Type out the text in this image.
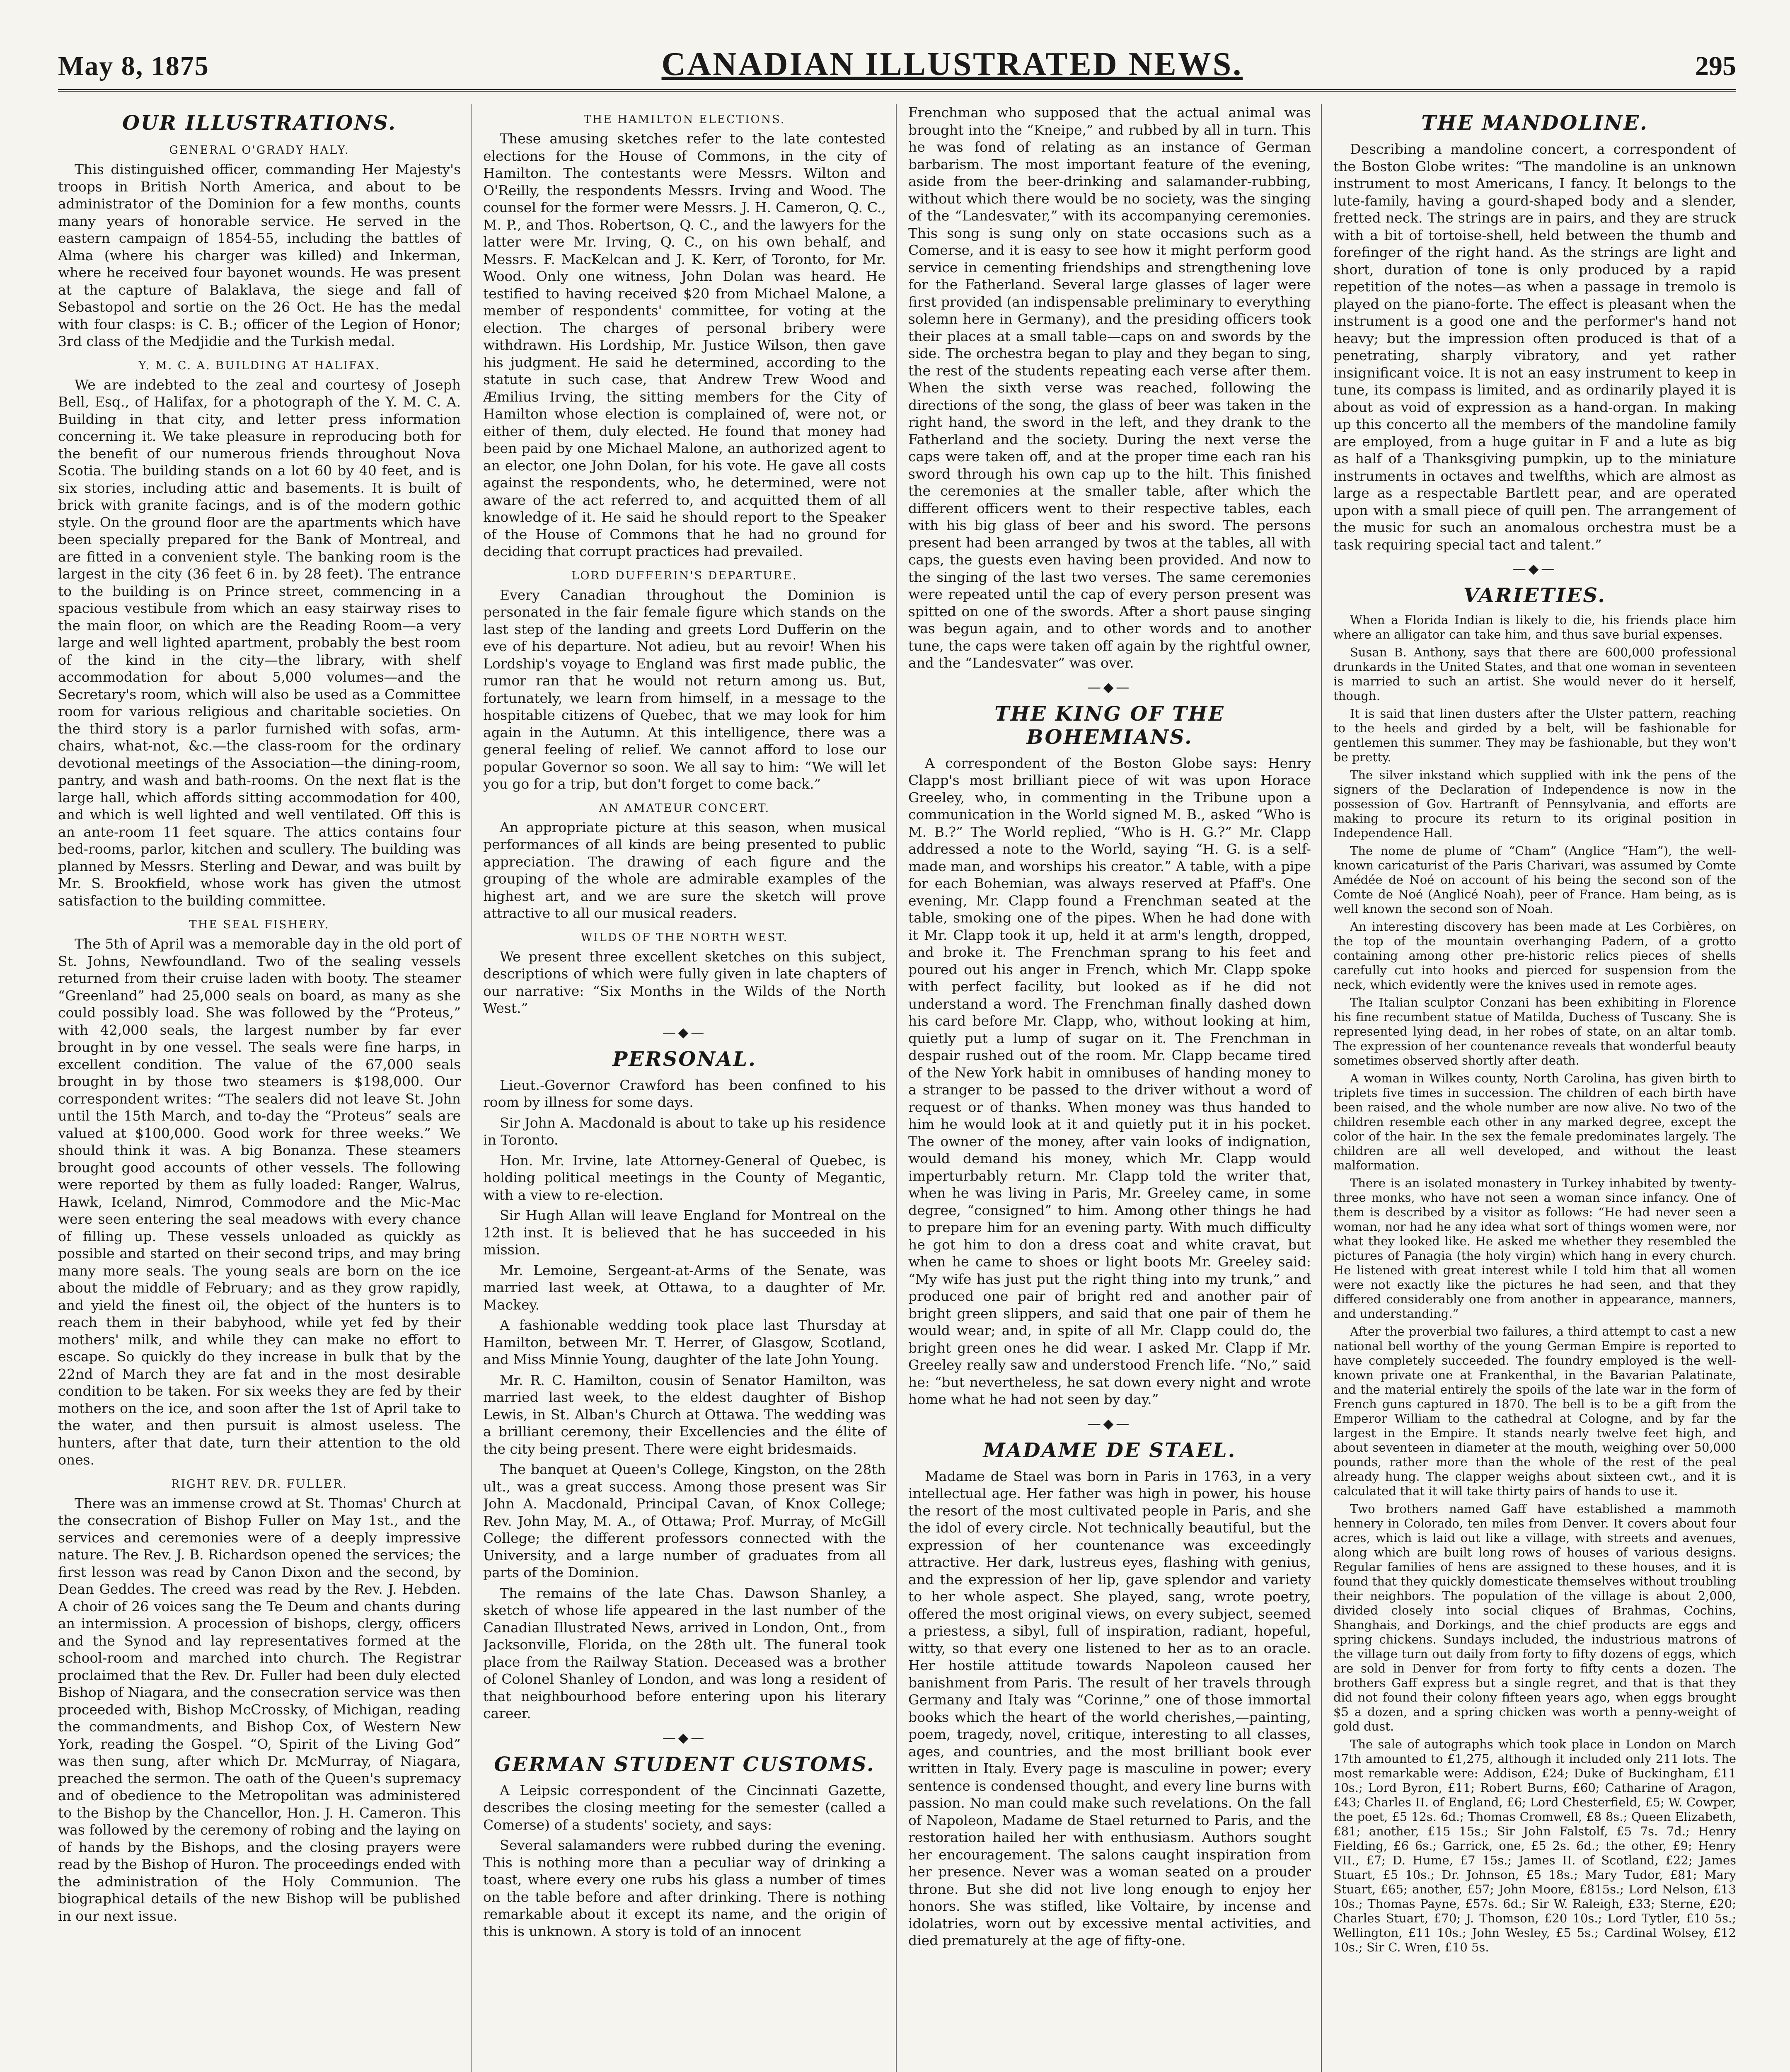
May 8, 1875	CANADIAN ILLUSTRATED NEWS.	295
OUR ILLUSTRATIONS.
GENERAL O'GRADY HALY.

This distinguished officer, commanding Her Majesty's troops in British North America, and about to be administrator of the Dominion for a few months, counts many years of honorable service. He served in the eastern campaign of 1854-55, including the battles of Alma (where his charger was killed) and Inkerman, where he received four bayonet wounds. He was present at the capture of Balaklava, the siege and fall of Sebastopol and sortie on the 26 Oct. He has the medal with four clasps: is C. B.; officer of the Legion of Honor; 3rd class of the Medjidie and the Turkish medal.

Y. M. C. A. BUILDING AT HALIFAX.

We are indebted to the zeal and courtesy of Joseph Bell, Esq., of Halifax, for a photograph of the Y. M. C. A. Building in that city, and letter press information concerning it. We take pleasure in reproducing both for the benefit of our numerous friends throughout Nova Scotia. The building stands on a lot 60 by 40 feet, and is six stories, including attic and basements. It is built of brick with granite facings, and is of the modern gothic style. On the ground floor are the apartments which have been specially prepared for the Bank of Montreal, and are fitted in a convenient style. The banking room is the largest in the city (36 feet 6 in. by 28 feet). The entrance to the building is on Prince street, commencing in a spacious vestibule from which an easy stairway rises to the main floor, on which are the Reading Room—a very large and well lighted apartment, probably the best room of the kind in the city—the library, with shelf accommodation for about 5,000 volumes—and the Secretary's room, which will also be used as a Committee room for various religious and charitable societies. On the third story is a parlor furnished with sofas, arm-chairs, what-not, &c.—the class-room for the ordinary devotional meetings of the Association—the dining-room, pantry, and wash and bath-rooms. On the next flat is the large hall, which affords sitting accommodation for 400, and which is well lighted and well ventilated. Off this is an ante-room 11 feet square. The attics contains four bed-rooms, parlor, kitchen and scullery. The building was planned by Messrs. Sterling and Dewar, and was built by Mr. S. Brookfield, whose work has given the utmost satisfaction to the building committee.

THE SEAL FISHERY.

The 5th of April was a memorable day in the old port of St. Johns, Newfoundland. Two of the sealing vessels returned from their cruise laden with booty. The steamer “Greenland” had 25,000 seals on board, as many as she could possibly load. She was followed by the “Proteus,” with 42,000 seals, the largest number by far ever brought in by one vessel. The seals were fine harps, in excellent condition. The value of the 67,000 seals brought in by those two steamers is $198,000. Our correspondent writes: “The sealers did not leave St. John until the 15th March, and to-day the “Proteus” seals are valued at $100,000. Good work for three weeks.” We should think it was. A big Bonanza. These steamers brought good accounts of other vessels. The following were reported by them as fully loaded: Ranger, Walrus, Hawk, Iceland, Nimrod, Commodore and the Mic-Mac were seen entering the seal meadows with every chance of filling up. These vessels unloaded as quickly as possible and started on their second trips, and may bring many more seals. The young seals are born on the ice about the middle of February; and as they grow rapidly, and yield the finest oil, the object of the hunters is to reach them in their babyhood, while yet fed by their mothers' milk, and while they can make no effort to escape. So quickly do they increase in bulk that by the 22nd of March they are fat and in the most desirable condition to be taken. For six weeks they are fed by their mothers on the ice, and soon after the 1st of April take to the water, and then pursuit is almost useless. The hunters, after that date, turn their attention to the old ones.

RIGHT REV. DR. FULLER.

There was an immense crowd at St. Thomas' Church at the consecration of Bishop Fuller on May 1st., and the services and ceremonies were of a deeply impressive nature. The Rev. J. B. Richardson opened the services; the first lesson was read by Canon Dixon and the second, by Dean Geddes. The creed was read by the Rev. J. Hebden. A choir of 26 voices sang the Te Deum and chants during an intermission. A procession of bishops, clergy, officers and the Synod and lay representatives formed at the school-room and marched into church. The Registrar proclaimed that the Rev. Dr. Fuller had been duly elected Bishop of Niagara, and the consecration service was then proceeded with, Bishop McCrossky, of Michigan, reading the commandments, and Bishop Cox, of Western New York, reading the Gospel. “O, Spirit of the Living God” was then sung, after which Dr. McMurray, of Niagara, preached the sermon. The oath of the Queen's supremacy and of obedience to the Metropolitan was administered to the Bishop by the Chancellor, Hon. J. H. Cameron. This was followed by the ceremony of robing and the laying on of hands by the Bishops, and the closing prayers were read by the Bishop of Huron. The proceedings ended with the administration of the Holy Communion. The biographical details of the new Bishop will be published in our next issue.

THE HAMILTON ELECTIONS.

These amusing sketches refer to the late contested elections for the House of Commons, in the city of Hamilton. The contestants were Messrs. Wilton and O'Reilly, the respondents Messrs. Irving and Wood. The counsel for the former were Messrs. J. H. Cameron, Q. C., M. P., and Thos. Robertson, Q. C., and the lawyers for the latter were Mr. Irving, Q. C., on his own behalf, and Messrs. F. MacKelcan and J. K. Kerr, of Toronto, for Mr. Wood. Only one witness, John Dolan was heard. He testified to having received $20 from Michael Malone, a member of respondents' committee, for voting at the election. The charges of personal bribery were withdrawn. His Lordship, Mr. Justice Wilson, then gave his judgment. He said he determined, according to the statute in such case, that Andrew Trew Wood and Æmilius Irving, the sitting members for the City of Hamilton whose election is complained of, were not, or either of them, duly elected. He found that money had been paid by one Michael Malone, an authorized agent to an elector, one John Dolan, for his vote. He gave all costs against the respondents, who, he determined, were not aware of the act referred to, and acquitted them of all knowledge of it. He said he should report to the Speaker of the House of Commons that he had no ground for deciding that corrupt practices had prevailed.

LORD DUFFERIN'S DEPARTURE.

Every Canadian throughout the Dominion is personated in the fair female figure which stands on the last step of the landing and greets Lord Dufferin on the eve of his departure. Not adieu, but au revoir! When his Lordship's voyage to England was first made public, the rumor ran that he would not return among us. But, fortunately, we learn from himself, in a message to the hospitable citizens of Quebec, that we may look for him again in the Autumn. At this intelligence, there was a general feeling of relief. We cannot afford to lose our popular Governor so soon. We all say to him: “We will let you go for a trip, but don't forget to come back.”

AN AMATEUR CONCERT.

An appropriate picture at this season, when musical performances of all kinds are being presented to public appreciation. The drawing of each figure and the grouping of the whole are admirable examples of the highest art, and we are sure the sketch will prove attractive to all our musical readers.

WILDS OF THE NORTH WEST.

We present three excellent sketches on this subject, descriptions of which were fully given in late chapters of our narrative: “Six Months in the Wilds of the North West.”

—◆—
PERSONAL.

Lieut.-Governor Crawford has been confined to his room by illness for some days.

Sir John A. Macdonald is about to take up his residence in Toronto.

Hon. Mr. Irvine, late Attorney-General of Quebec, is holding political meetings in the County of Megantic, with a view to re-election.

Sir Hugh Allan will leave England for Montreal on the 12th inst. It is believed that he has succeeded in his mission.

Mr. Lemoine, Sergeant-at-Arms of the Senate, was married last week, at Ottawa, to a daughter of Mr. Mackey.

A fashionable wedding took place last Thursday at Hamilton, between Mr. T. Herrer, of Glasgow, Scotland, and Miss Minnie Young, daughter of the late John Young.

Mr. R. C. Hamilton, cousin of Senator Hamilton, was married last week, to the eldest daughter of Bishop Lewis, in St. Alban's Church at Ottawa. The wedding was a brilliant ceremony, their Excellencies and the élite of the city being present. There were eight bridesmaids.

The banquet at Queen's College, Kingston, on the 28th ult., was a great success. Among those present was Sir John A. Macdonald, Principal Cavan, of Knox College; Rev. John May, M. A., of Ottawa; Prof. Murray, of McGill College; the different professors connected with the University, and a large number of graduates from all parts of the Dominion.

The remains of the late Chas. Dawson Shanley, a sketch of whose life appeared in the last number of the Canadian Illustrated News, arrived in London, Ont., from Jacksonville, Florida, on the 28th ult. The funeral took place from the Railway Station. Deceased was a brother of Colonel Shanley of London, and was long a resident of that neighbourhood before entering upon his literary career.

—◆—
GERMAN STUDENT CUSTOMS.

A Leipsic correspondent of the Cincinnati Gazette, describes the closing meeting for the semester (called a Comerse) of a students' society, and says:

Several salamanders were rubbed during the evening. This is nothing more than a peculiar way of drinking a toast, where every one rubs his glass a number of times on the table before and after drinking. There is nothing remarkable about it except its name, and the origin of this is unknown. A story is told of an innocent

Frenchman who supposed that the actual animal was brought into the “Kneipe,” and rubbed by all in turn. This he was fond of relating as an instance of German barbarism. The most important feature of the evening, aside from the beer-drinking and salamander-rubbing, without which there would be no society, was the singing of the “Landesvater,” with its accompanying ceremonies. This song is sung only on state occasions such as a Comerse, and it is easy to see how it might perform good service in cementing friendships and strengthening love for the Fatherland. Several large glasses of lager were first provided (an indispensable preliminary to everything solemn here in Germany), and the presiding officers took their places at a small table—caps on and swords by the side. The orchestra began to play and they began to sing, the rest of the students repeating each verse after them. When the sixth verse was reached, following the directions of the song, the glass of beer was taken in the right hand, the sword in the left, and they drank to the Fatherland and the society. During the next verse the caps were taken off, and at the proper time each ran his sword through his own cap up to the hilt. This finished the ceremonies at the smaller table, after which the different officers went to their respective tables, each with his big glass of beer and his sword. The persons present had been arranged by twos at the tables, all with caps, the guests even having been provided. And now to the singing of the last two verses. The same ceremonies were repeated until the cap of every person present was spitted on one of the swords. After a short pause singing was begun again, and to other words and to another tune, the caps were taken off again by the rightful owner, and the “Landesvater” was over.

—◆—
THE KING OF THE BOHEMIANS.

A correspondent of the Boston Globe says: Henry Clapp's most brilliant piece of wit was upon Horace Greeley, who, in commenting in the Tribune upon a communication in the World signed M. B., asked “Who is M. B.?” The World replied, “Who is H. G.?” Mr. Clapp addressed a note to the World, saying “H. G. is a self-made man, and worships his creator.” A table, with a pipe for each Bohemian, was always reserved at Pfaff's. One evening, Mr. Clapp found a Frenchman seated at the table, smoking one of the pipes. When he had done with it Mr. Clapp took it up, held it at arm's length, dropped, and broke it. The Frenchman sprang to his feet and poured out his anger in French, which Mr. Clapp spoke with perfect facility, but looked as if he did not understand a word. The Frenchman finally dashed down his card before Mr. Clapp, who, without looking at him, quietly put a lump of sugar on it. The Frenchman in despair rushed out of the room. Mr. Clapp became tired of the New York habit in omnibuses of handing money to a stranger to be passed to the driver without a word of request or of thanks. When money was thus handed to him he would look at it and quietly put it in his pocket. The owner of the money, after vain looks of indignation, would demand his money, which Mr. Clapp would imperturbably return. Mr. Clapp told the writer that, when he was living in Paris, Mr. Greeley came, in some degree, “consigned” to him. Among other things he had to prepare him for an evening party. With much difficulty he got him to don a dress coat and white cravat, but when he came to shoes or light boots Mr. Greeley said: “My wife has just put the right thing into my trunk,” and produced one pair of bright red and another pair of bright green slippers, and said that one pair of them he would wear; and, in spite of all Mr. Clapp could do, the bright green ones he did wear. I asked Mr. Clapp if Mr. Greeley really saw and understood French life. “No,” said he: “but nevertheless, he sat down every night and wrote home what he had not seen by day.”

—◆—
MADAME DE STAEL.

Madame de Stael was born in Paris in 1763, in a very intellectual age. Her father was high in power, his house the resort of the most cultivated people in Paris, and she the idol of every circle. Not technically beautiful, but the expression of her countenance was exceedingly attractive. Her dark, lustreus eyes, flashing with genius, and the expression of her lip, gave splendor and variety to her whole aspect. She played, sang, wrote poetry, offered the most original views, on every subject, seemed a priestess, a sibyl, full of inspiration, radiant, hopeful, witty, so that every one listened to her as to an oracle. Her hostile attitude towards Napoleon caused her banishment from Paris. The result of her travels through Germany and Italy was “Corinne,” one of those immortal books which the heart of the world cherishes,—painting, poem, tragedy, novel, critique, interesting to all classes, ages, and countries, and the most brilliant book ever written in Italy. Every page is masculine in power; every sentence is condensed thought, and every line burns with passion. No man could make such revelations. On the fall of Napoleon, Madame de Stael returned to Paris, and the restoration hailed her with enthusiasm. Authors sought her encouragement. The salons caught inspiration from her presence. Never was a woman seated on a prouder throne. But she did not live long enough to enjoy her honors. She was stifled, like Voltaire, by incense and idolatries, worn out by excessive mental activities, and died prematurely at the age of fifty-one.

THE MANDOLINE.

Describing a mandoline concert, a correspondent of the Boston Globe writes: “The mandoline is an unknown instrument to most Americans, I fancy. It belongs to the lute-family, having a gourd-shaped body and a slender, fretted neck. The strings are in pairs, and they are struck with a bit of tortoise-shell, held between the thumb and forefinger of the right hand. As the strings are light and short, duration of tone is only produced by a rapid repetition of the notes—as when a passage in tremolo is played on the piano-forte. The effect is pleasant when the instrument is a good one and the performer's hand not heavy; but the impression often produced is that of a penetrating, sharply vibratory, and yet rather insignificant voice. It is not an easy instrument to keep in tune, its compass is limited, and as ordinarily played it is about as void of expression as a hand-organ. In making up this concerto all the members of the mandoline family are employed, from a huge guitar in F and a lute as big as half of a Thanksgiving pumpkin, up to the miniature instruments in octaves and twelfths, which are almost as large as a respectable Bartlett pear, and are operated upon with a small piece of quill pen. The arrangement of the music for such an anomalous orchestra must be a task requiring special tact and talent.”

—◆—
VARIETIES.

When a Florida Indian is likely to die, his friends place him where an alligator can take him, and thus save burial expenses.

Susan B. Anthony, says that there are 600,000 professional drunkards in the United States, and that one woman in seventeen is married to such an artist. She would never do it herself, though.

It is said that linen dusters after the Ulster pattern, reaching to the heels and girded by a belt, will be fashionable for gentlemen this summer. They may be fashionable, but they won't be pretty.

The silver inkstand which supplied with ink the pens of the signers of the Declaration of Independence is now in the possession of Gov. Hartranft of Pennsylvania, and efforts are making to procure its return to its original position in Independence Hall.

The nome de plume of “Cham” (Anglice “Ham”), the well-known caricaturist of the Paris Charivari, was assumed by Comte Amédée de Noé on account of his being the second son of the Comte de Noé (Anglicé Noah), peer of France. Ham being, as is well known the second son of Noah.

An interesting discovery has been made at Les Corbières, on the top of the mountain overhanging Padern, of a grotto containing among other pre-historic relics pieces of shells carefully cut into hooks and pierced for suspension from the neck, which evidently were the knives used in remote ages.

The Italian sculptor Conzani has been exhibiting in Florence his fine recumbent statue of Matilda, Duchess of Tuscany. She is represented lying dead, in her robes of state, on an altar tomb. The expression of her countenance reveals that wonderful beauty sometimes observed shortly after death.

A woman in Wilkes county, North Carolina, has given birth to triplets five times in succession. The children of each birth have been raised, and the whole number are now alive. No two of the children resemble each other in any marked degree, except the color of the hair. In the sex the female predominates largely. The children are all well developed, and without the least malformation.

There is an isolated monastery in Turkey inhabited by twenty-three monks, who have not seen a woman since infancy. One of them is described by a visitor as follows: “He had never seen a woman, nor had he any idea what sort of things women were, nor what they looked like. He asked me whether they resembled the pictures of Panagia (the holy virgin) which hang in every church. He listened with great interest while I told him that all women were not exactly like the pictures he had seen, and that they differed considerably one from another in appearance, manners, and understanding.”

After the proverbial two failures, a third attempt to cast a new national bell worthy of the young German Empire is reported to have completely succeeded. The foundry employed is the well-known private one at Frankenthal, in the Bavarian Palatinate, and the material entirely the spoils of the late war in the form of French guns captured in 1870. The bell is to be a gift from the Emperor William to the cathedral at Cologne, and by far the largest in the Empire. It stands nearly twelve feet high, and about seventeen in diameter at the mouth, weighing over 50,000 pounds, rather more than the whole of the rest of the peal already hung. The clapper weighs about sixteen cwt., and it is calculated that it will take thirty pairs of hands to use it.

Two brothers named Gaff have established a mammoth hennery in Colorado, ten miles from Denver. It covers about four acres, which is laid out like a village, with streets and avenues, along which are built long rows of houses of various designs. Regular families of hens are assigned to these houses, and it is found that they quickly domesticate themselves without troubling their neighbors. The population of the village is about 2,000, divided closely into social cliques of Brahmas, Cochins, Shanghais, and Dorkings, and the chief products are eggs and spring chickens. Sundays included, the industrious matrons of the village turn out daily from forty to fifty dozens of eggs, which are sold in Denver for from forty to fifty cents a dozen. The brothers Gaff express but a single regret, and that is that they did not found their colony fifteen years ago, when eggs brought $5 a dozen, and a spring chicken was worth a penny-weight of gold dust.

The sale of autographs which took place in London on March 17th amounted to £1,275, although it included only 211 lots. The most remarkable were: Addison, £24; Duke of Buckingham, £11 10s.; Lord Byron, £11; Robert Burns, £60; Catharine of Aragon, £43; Charles II. of England, £6; Lord Chesterfield, £5; W. Cowper, the poet, £5 12s. 6d.; Thomas Cromwell, £8 8s.; Queen Elizabeth, £81; another, £15 15s.; Sir John Falstolf, £5 7s. 7d.; Henry Fielding, £6 6s.; Garrick, one, £5 2s. 6d.; the other, £9; Henry VII., £7; D. Hume, £7 15s.; James II. of Scotland, £22; James Stuart, £5 10s.; Dr. Johnson, £5 18s.; Mary Tudor, £81; Mary Stuart, £65; another, £57; John Moore, £815s.; Lord Nelson, £13 10s.; Thomas Payne, £57s. 6d.; Sir W. Raleigh, £33; Sterne, £20; Charles Stuart, £70; J. Thomson, £20 10s.; Lord Tytler, £10 5s.; Wellington, £11 10s.; John Wesley, £5 5s.; Cardinal Wolsey, £12 10s.; Sir C. Wren, £10 5s.
